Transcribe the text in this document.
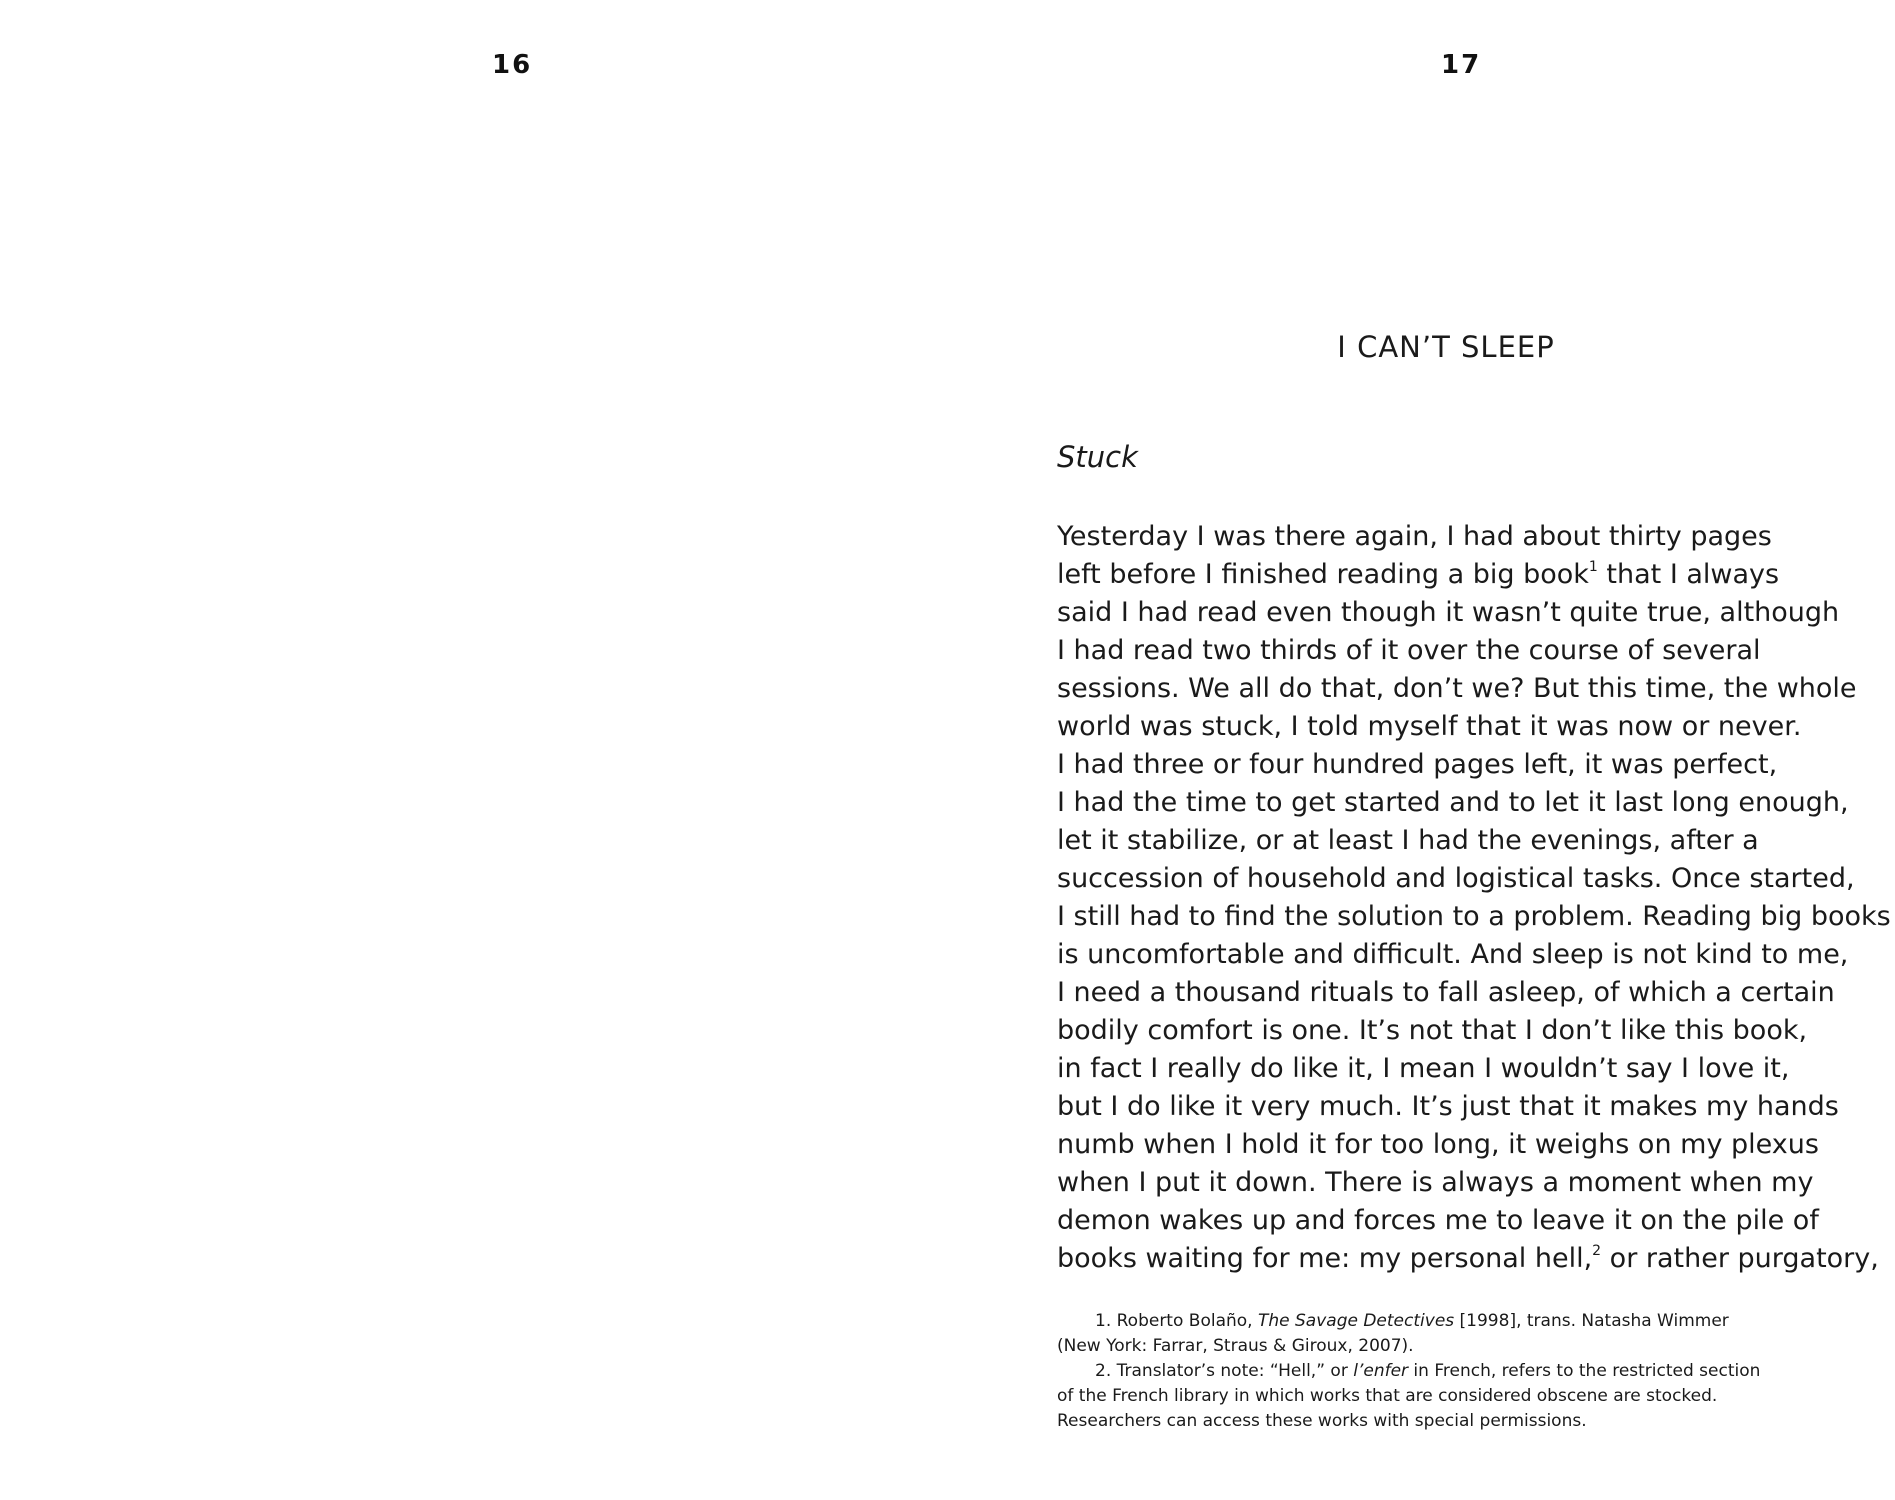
16	17
I CAN’T SLEEP
Stuck

Yesterday I was there again, I had about thirty pages
left before I finished reading a big book$^1$ that I always
said I had read even though it wasn’t quite true, although
I had read two thirds of it over the course of several
sessions. We all do that, don’t we? But this time, the whole
world was stuck, I told myself that it was now or never.
I had three or four hundred pages left, it was perfect,
I had the time to get started and to let it last long enough,
let it stabilize, or at least I had the evenings, after a
succession of household and logistical tasks. Once started,
I still had to find the solution to a problem. Reading big books
is uncomfortable and difficult. And sleep is not kind to me,
I need a thousand rituals to fall asleep, of which a certain
bodily comfort is one. It’s not that I don’t like this book,
in fact I really do like it, I mean I wouldn’t say I love it,
but I do like it very much. It’s just that it makes my hands
numb when I hold it for too long, it weighs on my plexus
when I put it down. There is always a moment when my
demon wakes up and forces me to leave it on the pile of
books waiting for me: my personal hell,$^2$ or rather purgatory,

1. Roberto Bolaño, The Savage Detectives [1998], trans. Natasha Wimmer
(New York: Farrar, Straus & Giroux, 2007).
2. Translator’s note: “Hell,” or l’enfer in French, refers to the restricted section
of the French library in which works that are considered obscene are stocked.
Researchers can access these works with special permissions.
